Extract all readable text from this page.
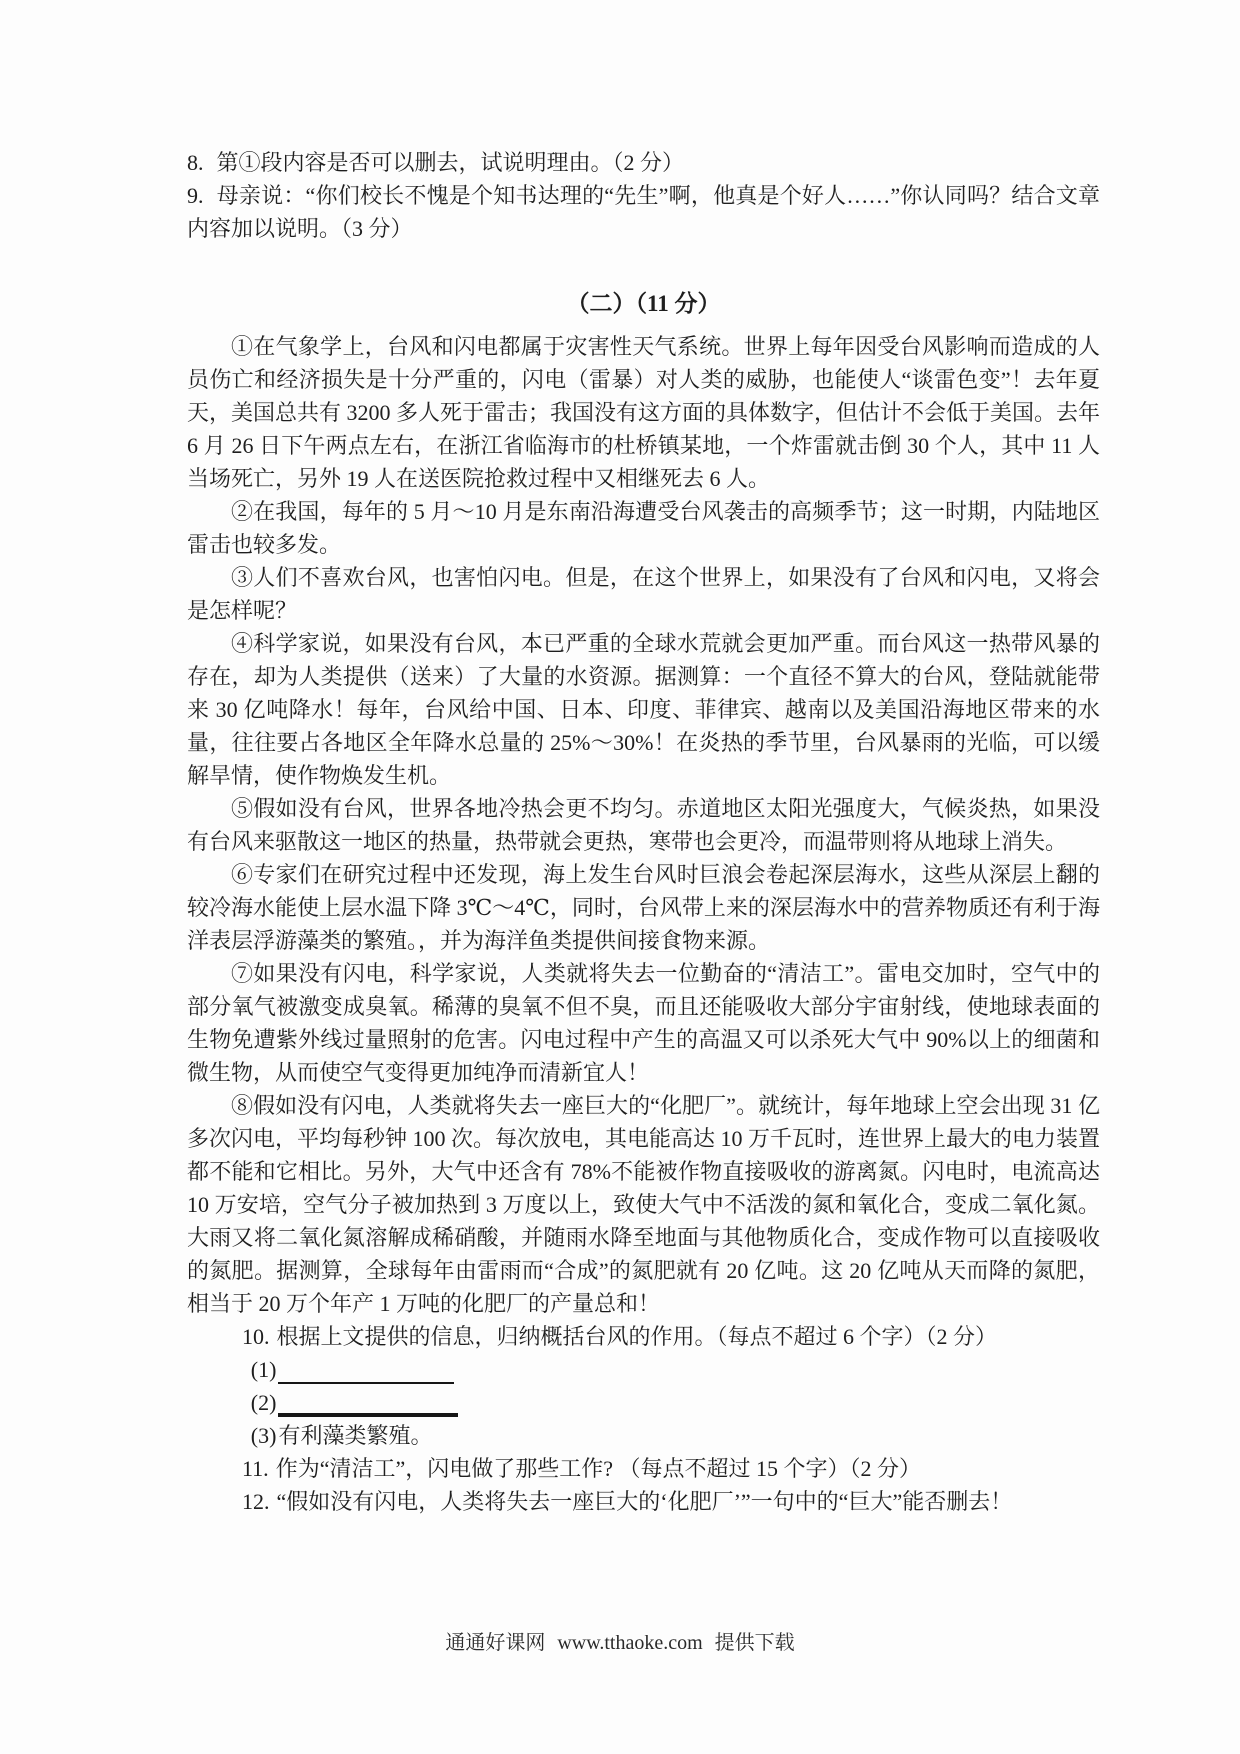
8. 第①段内容是否可以删去，试说明理由。（2 分）

9. 母亲说：“你们校长不愧是个知书达理的“先生”啊，他真是个好人……”你认同吗？结合文章内容加以说明。（3 分）

（二）（11 分）

①在气象学上，台风和闪电都属于灾害性天气系统。世界上每年因受台风影响而造成的人员伤亡和经济损失是十分严重的，闪电（雷暴）对人类的威胁，也能使人“谈雷色变”！去年夏天，美国总共有 3200 多人死于雷击；我国没有这方面的具体数字，但估计不会低于美国。去年 6 月 26 日下午两点左右，在浙江省临海市的杜桥镇某地，一个炸雷就击倒 30 个人，其中 11 人当场死亡，另外 19 人在送医院抢救过程中又相继死去 6 人。

②在我国，每年的 5 月～10 月是东南沿海遭受台风袭击的高频季节；这一时期，内陆地区雷击也较多发。

③人们不喜欢台风，也害怕闪电。但是，在这个世界上，如果没有了台风和闪电，又将会是怎样呢？

④科学家说，如果没有台风，本已严重的全球水荒就会更加严重。而台风这一热带风暴的存在，却为人类提供（送来）了大量的水资源。据测算：一个直径不算大的台风，登陆就能带来 30 亿吨降水！每年，台风给中国、日本、印度、菲律宾、越南以及美国沿海地区带来的水量，往往要占各地区全年降水总量的 25%～30%！在炎热的季节里，台风暴雨的光临，可以缓解旱情，使作物焕发生机。

⑤假如没有台风，世界各地冷热会更不均匀。赤道地区太阳光强度大，气候炎热，如果没有台风来驱散这一地区的热量，热带就会更热，寒带也会更冷，而温带则将从地球上消失。

⑥专家们在研究过程中还发现，海上发生台风时巨浪会卷起深层海水，这些从深层上翻的较冷海水能使上层水温下降 3℃～4℃，同时，台风带上来的深层海水中的营养物质还有利于海洋表层浮游藻类的繁殖。，并为海洋鱼类提供间接食物来源。

⑦如果没有闪电，科学家说，人类就将失去一位勤奋的“清洁工”。雷电交加时，空气中的部分氧气被激变成臭氧。稀薄的臭氧不但不臭，而且还能吸收大部分宇宙射线，使地球表面的生物免遭紫外线过量照射的危害。闪电过程中产生的高温又可以杀死大气中 90%以上的细菌和微生物，从而使空气变得更加纯净而清新宜人！

⑧假如没有闪电，人类就将失去一座巨大的“化肥厂”。就统计，每年地球上空会出现 31 亿多次闪电，平均每秒钟 100 次。每次放电，其电能高达 10 万千瓦时，连世界上最大的电力装置都不能和它相比。另外，大气中还含有 78%不能被作物直接吸收的游离氮。闪电时，电流高达 10 万安培，空气分子被加热到 3 万度以上，致使大气中不活泼的氮和氧化合，变成二氧化氮。大雨又将二氧化氮溶解成稀硝酸，并随雨水降至地面与其他物质化合，变成作物可以直接吸收的氮肥。据测算，全球每年由雷雨而“合成”的氮肥就有 20 亿吨。这 20 亿吨从天而降的氮肥，相当于 20 万个年产 1 万吨的化肥厂的产量总和！

10. 根据上文提供的信息，归纳概括台风的作用。（每点不超过 6 个字）（2 分）

(1)

(2)

(3)有利藻类繁殖。

11. 作为“清洁工”，闪电做了那些工作? （每点不超过 15 个字）（2 分）

12. “假如没有闪电，人类将失去一座巨大的‘化肥厂’”一句中的“巨大”能否删去！

通通好课网 www.tthaoke.com 提供下载
